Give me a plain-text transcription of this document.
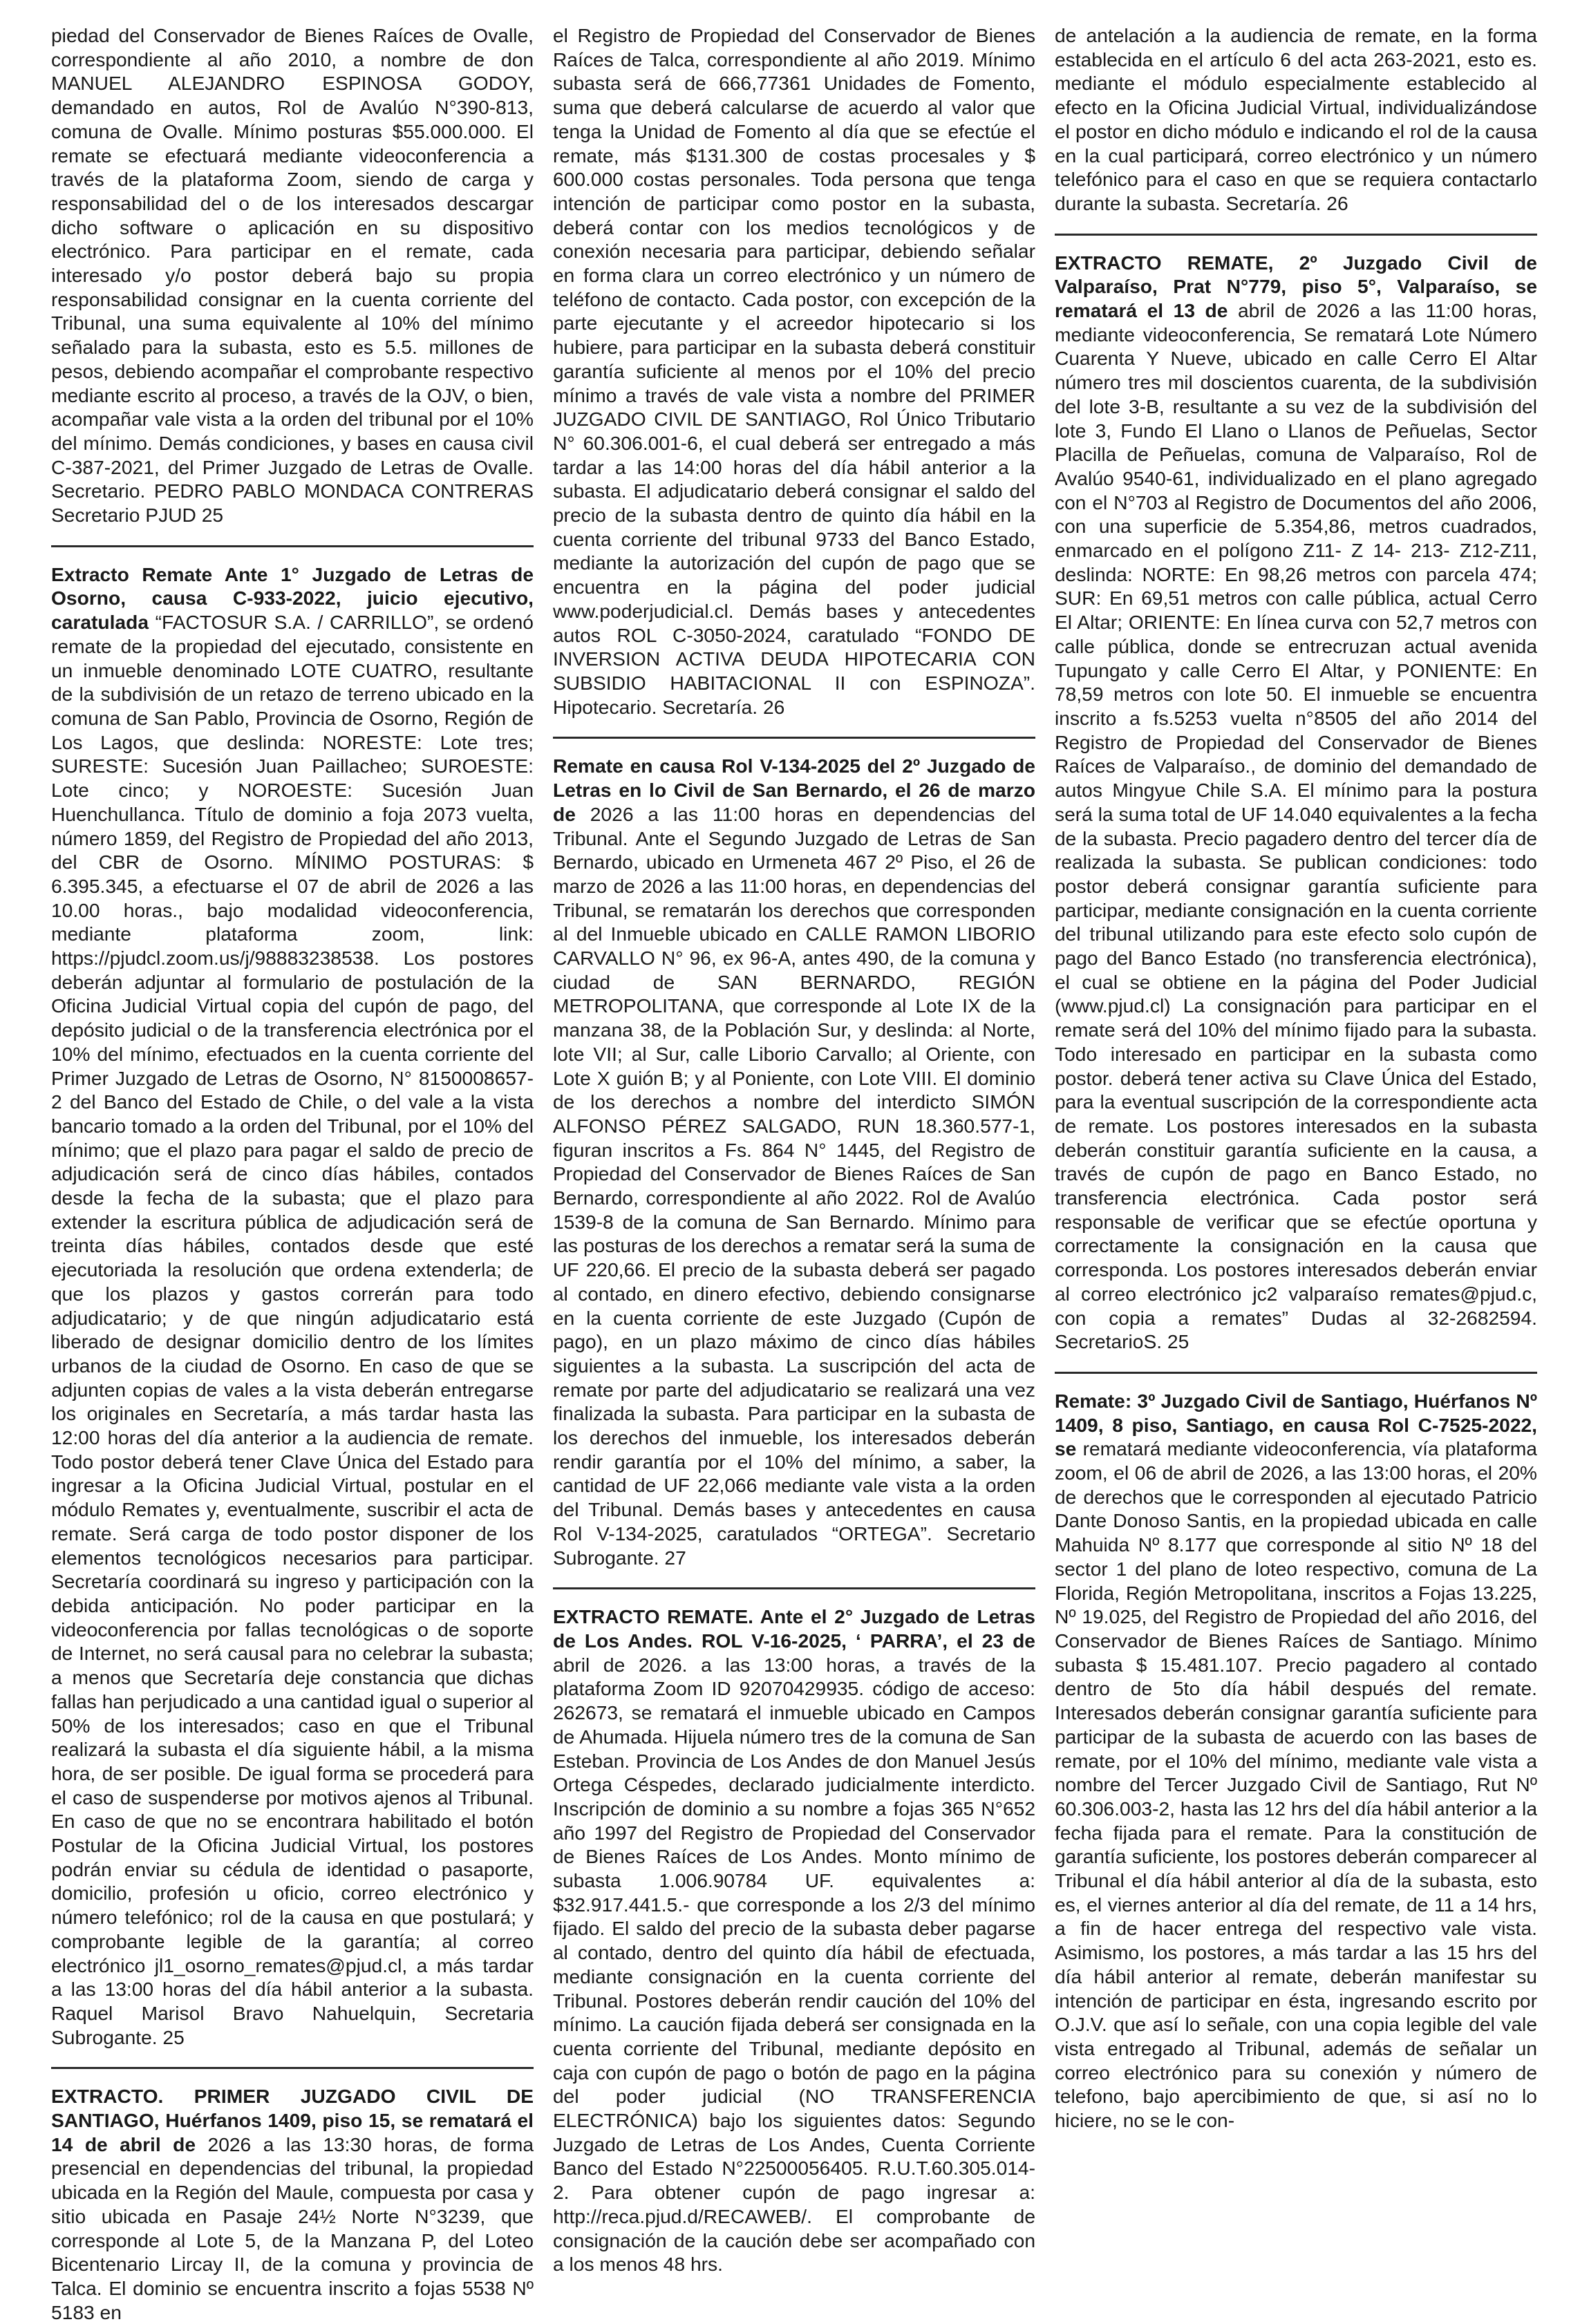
piedad del Conservador de Bienes Raíces de Ovalle, correspondiente al año 2010, a nombre de don MANUEL ALEJANDRO ESPINOSA GODOY, demandado en autos, Rol de Avalúo N°390-813, comuna de Ovalle. Mínimo posturas $55.000.000. El remate se efectuará mediante videoconferencia a través de la plataforma Zoom, siendo de carga y responsabilidad del o de los interesados descargar dicho software o aplicación en su dispositivo electrónico. Para participar en el remate, cada interesado y/o postor deberá bajo su propia responsabilidad consignar en la cuenta corriente del Tribunal, una suma equivalente al 10% del mínimo señalado para la subasta, esto es 5.5. millones de pesos, debiendo acompañar el comprobante respectivo mediante escrito al proceso, a través de la OJV, o bien, acompañar vale vista a la orden del tribunal por el 10% del mínimo. Demás condiciones, y bases en causa civil C-387-2021, del Primer Juzgado de Letras de Ovalle. Secretario. PEDRO PABLO MONDACA CONTRERAS Secretario PJUD 25

Extracto Remate Ante 1° Juzgado de Letras de Osorno, causa C-933-2022, juicio ejecutivo, caratulada “FACTOSUR S.A. / CARRILLO”, se ordenó remate de la propiedad del ejecutado, consistente en un inmueble denominado LOTE CUATRO, resultante de la subdivisión de un retazo de terreno ubicado en la comuna de San Pablo, Provincia de Osorno, Región de Los Lagos, que deslinda: NORESTE: Lote tres; SURESTE: Sucesión Juan Paillacheo; SUROESTE: Lote cinco; y NOROESTE: Sucesión Juan Huenchullanca. Título de dominio a foja 2073 vuelta, número 1859, del Registro de Propiedad del año 2013, del CBR de Osorno. MÍNIMO POSTURAS: $ 6.395.345, a efectuarse el 07 de abril de 2026 a las 10.00 horas., bajo modalidad videoconferencia, mediante plataforma zoom, link: https://pjudcl.zoom.us/j/98883238538. Los postores deberán adjuntar al formulario de postulación de la Oficina Judicial Virtual copia del cupón de pago, del depósito judicial o de la transferencia electrónica por el 10% del mínimo, efectuados en la cuenta corriente del Primer Juzgado de Letras de Osorno, N° 8150008657-2 del Banco del Estado de Chile, o del vale a la vista bancario tomado a la orden del Tribunal, por el 10% del mínimo; que el plazo para pagar el saldo de precio de adjudicación será de cinco días hábiles, contados desde la fecha de la subasta; que el plazo para extender la escritura pública de adjudicación será de treinta días hábiles, contados desde que esté ejecutoriada la resolución que ordena extenderla; de que los plazos y gastos correrán para todo adjudicatario; y de que ningún adjudicatario está liberado de designar domicilio dentro de los límites urbanos de la ciudad de Osorno. En caso de que se adjunten copias de vales a la vista deberán entregarse los originales en Secretaría, a más tardar hasta las 12:00 horas del día anterior a la audiencia de remate. Todo postor deberá tener Clave Única del Estado para ingresar a la Oficina Judicial Virtual, postular en el módulo Remates y, eventualmente, suscribir el acta de remate. Será carga de todo postor disponer de los elementos tecnológicos necesarios para participar. Secretaría coordinará su ingreso y participación con la debida anticipación. No poder participar en la videoconferencia por fallas tecnológicas o de soporte de Internet, no será causal para no celebrar la subasta; a menos que Secretaría deje constancia que dichas fallas han perjudicado a una cantidad igual o superior al 50% de los interesados; caso en que el Tribunal realizará la subasta el día siguiente hábil, a la misma hora, de ser posible. De igual forma se procederá para el caso de suspenderse por motivos ajenos al Tribunal. En caso de que no se encontrara habilitado el botón Postular de la Oficina Judicial Virtual, los postores podrán enviar su cédula de identidad o pasaporte, domicilio, profesión u oficio, correo electrónico y número telefónico; rol de la causa en que postulará; y comprobante legible de la garantía; al correo electrónico jl1_osorno_remates@pjud.cl, a más tardar a las 13:00 horas del día hábil anterior a la subasta. Raquel Marisol Bravo Nahuelquin, Secretaria Subrogante. 25

EXTRACTO. PRIMER JUZGADO CIVIL DE SANTIAGO, Huérfanos 1409, piso 15, se rematará el 14 de abril de 2026 a las 13:30 horas, de forma presencial en dependencias del tribunal, la propiedad ubicada en la Región del Maule, compuesta por casa y sitio ubicada en Pasaje 24½ Norte N°3239, que corresponde al Lote 5, de la Manzana P, del Loteo Bicentenario Lircay II, de la comuna y provincia de Talca. El dominio se encuentra inscrito a fojas 5538 Nº 5183 en

el Registro de Propiedad del Conservador de Bienes Raíces de Talca, correspondiente al año 2019. Mínimo subasta será de 666,77361 Unidades de Fomento, suma que deberá calcularse de acuerdo al valor que tenga la Unidad de Fomento al día que se efectúe el remate, más $131.300 de costas procesales y $ 600.000 costas personales. Toda persona que tenga intención de participar como postor en la subasta, deberá contar con los medios tecnológicos y de conexión necesaria para participar, debiendo señalar en forma clara un correo electrónico y un número de teléfono de contacto. Cada postor, con excepción de la parte ejecutante y el acreedor hipotecario si los hubiere, para participar en la subasta deberá constituir garantía suficiente al menos por el 10% del precio mínimo a través de vale vista a nombre del PRIMER JUZGADO CIVIL DE SANTIAGO, Rol Único Tributario N° 60.306.001-6, el cual deberá ser entregado a más tardar a las 14:00 horas del día hábil anterior a la subasta. El adjudicatario deberá consignar el saldo del precio de la subasta dentro de quinto día hábil en la cuenta corriente del tribunal 9733 del Banco Estado, mediante la autorización del cupón de pago que se encuentra en la página del poder judicial www.poderjudicial.cl. Demás bases y antecedentes autos ROL C-3050-2024, caratulado “FONDO DE INVERSION ACTIVA DEUDA HIPOTECARIA CON SUBSIDIO HABITACIONAL II con ESPINOZA”. Hipotecario. Secretaría. 26

Remate en causa Rol V-134-2025 del 2º Juzgado de Letras en lo Civil de San Bernardo, el 26 de marzo de 2026 a las 11:00 horas en dependencias del Tribunal. Ante el Segundo Juzgado de Letras de San Bernardo, ubicado en Urmeneta 467 2º Piso, el 26 de marzo de 2026 a las 11:00 horas, en dependencias del Tribunal, se rematarán los derechos que corresponden al del Inmueble ubicado en CALLE RAMON LIBORIO CARVALLO N° 96, ex 96-A, antes 490, de la comuna y ciudad de SAN BERNARDO, REGIÓN METROPOLITANA, que corresponde al Lote IX de la manzana 38, de la Población Sur, y deslinda: al Norte, lote VII; al Sur, calle Liborio Carvallo; al Oriente, con Lote X guión B; y al Poniente, con Lote VIII. El dominio de los derechos a nombre del interdicto SIMÓN ALFONSO PÉREZ SALGADO, RUN 18.360.577-1, figuran inscritos a Fs. 864 N° 1445, del Registro de Propiedad del Conservador de Bienes Raíces de San Bernardo, correspondiente al año 2022. Rol de Avalúo 1539-8 de la comuna de San Bernardo. Mínimo para las posturas de los derechos a rematar será la suma de UF 220,66. El precio de la subasta deberá ser pagado al contado, en dinero efectivo, debiendo consignarse en la cuenta corriente de este Juzgado (Cupón de pago), en un plazo máximo de cinco días hábiles siguientes a la subasta. La suscripción del acta de remate por parte del adjudicatario se realizará una vez finalizada la subasta. Para participar en la subasta de los derechos del inmueble, los interesados deberán rendir garantía por el 10% del mínimo, a saber, la cantidad de UF 22,066 mediante vale vista a la orden del Tribunal. Demás bases y antecedentes en causa Rol V-134-2025, caratulados “ORTEGA”. Secretario Subrogante. 27

EXTRACTO REMATE. Ante el 2° Juzgado de Letras de Los Andes. ROL V-16-2025, ‘ PARRA’, el 23 de abril de 2026. a las 13:00 horas, a través de la plataforma Zoom ID 92070429935. código de acceso: 262673, se rematará el inmueble ubicado en Campos de Ahumada. Hijuela número tres de la comuna de San Esteban. Provincia de Los Andes de don Manuel Jesús Ortega Céspedes, declarado judicialmente interdicto. Inscripción de dominio a su nombre a fojas 365 N°652 año 1997 del Registro de Propiedad del Conservador de Bienes Raíces de Los Andes. Monto mínimo de subasta 1.006.90784 UF. equivalentes a: $32.917.441.5.- que corresponde a los 2/3 del mínimo fijado. El saldo del precio de la subasta deber pagarse al contado, dentro del quinto día hábil de efectuada, mediante consignación en la cuenta corriente del Tribunal. Postores deberán rendir caución del 10% del mínimo. La caución fijada deberá ser consignada en la cuenta corriente del Tribunal, mediante depósito en caja con cupón de pago o botón de pago en la página del poder judicial (NO TRANSFERENCIA ELECTRÓNICA) bajo los siguientes datos: Segundo Juzgado de Letras de Los Andes, Cuenta Corriente Banco del Estado N°22500056405. R.U.T.60.305.014-2. Para obtener cupón de pago ingresar a: http://reca.pjud.d/RECAWEB/. El comprobante de consignación de la caución debe ser acompañado con a los menos 48 hrs.

de antelación a la audiencia de remate, en la forma establecida en el artículo 6 del acta 263-2021, esto es. mediante el módulo especialmente establecido al efecto en la Oficina Judicial Virtual, individualizándose el postor en dicho módulo e indicando el rol de la causa en la cual participará, correo electrónico y un número telefónico para el caso en que se requiera contactarlo durante la subasta. Secretaría. 26

EXTRACTO REMATE, 2º Juzgado Civil de Valparaíso, Prat N°779, piso 5°, Valparaíso, se rematará el 13 de abril de 2026 a las 11:00 horas, mediante videoconferencia, Se rematará Lote Número Cuarenta Y Nueve, ubicado en calle Cerro El Altar número tres mil doscientos cuarenta, de la subdivisión del lote 3-B, resultante a su vez de la subdivisión del lote 3, Fundo El Llano o Llanos de Peñuelas, Sector Placilla de Peñuelas, comuna de Valparaíso, Rol de Avalúo 9540-61, individualizado en el plano agregado con el N°703 al Registro de Documentos del año 2006, con una superficie de 5.354,86, metros cuadrados, enmarcado en el polígono Z11- Z 14- 213- Z12-Z11, deslinda: NORTE: En 98,26 metros con parcela 474; SUR: En 69,51 metros con calle pública, actual Cerro El Altar; ORIENTE: En línea curva con 52,7 metros con calle pública, donde se entrecruzan actual avenida Tupungato y calle Cerro El Altar, y PONIENTE: En 78,59 metros con lote 50. El inmueble se encuentra inscrito a fs.5253 vuelta n°8505 del año 2014 del Registro de Propiedad del Conservador de Bienes Raíces de Valparaíso., de dominio del demandado de autos Mingyue Chile S.A. El mínimo para la postura será la suma total de UF 14.040 equivalentes a la fecha de la subasta. Precio pagadero dentro del tercer día de realizada la subasta. Se publican condiciones: todo postor deberá consignar garantía suficiente para participar, mediante consignación en la cuenta corriente del tribunal utilizando para este efecto solo cupón de pago del Banco Estado (no transferencia electrónica), el cual se obtiene en la página del Poder Judicial (www.pjud.cl) La consignación para participar en el remate será del 10% del mínimo fijado para la subasta. Todo interesado en participar en la subasta como postor. deberá tener activa su Clave Única del Estado, para la eventual suscripción de la correspondiente acta de remate. Los postores interesados en la subasta deberán constituir garantía suficiente en la causa, a través de cupón de pago en Banco Estado, no transferencia electrónica. Cada postor será responsable de verificar que se efectúe oportuna y correctamente la consignación en la causa que corresponda. Los postores interesados deberán enviar al correo electrónico jc2 valparaíso remates@pjud.c, con copia a remates” Dudas al 32-2682594. SecretarioS. 25

Remate: 3º Juzgado Civil de Santiago, Huérfanos Nº 1409, 8 piso, Santiago, en causa Rol C-7525-2022, se rematará mediante videoconferencia, vía plataforma zoom, el 06 de abril de 2026, a las 13:00 horas, el 20% de derechos que le corresponden al ejecutado Patricio Dante Donoso Santis, en la propiedad ubicada en calle Mahuida Nº 8.177 que corresponde al sitio Nº 18 del sector 1 del plano de loteo respectivo, comuna de La Florida, Región Metropolitana, inscritos a Fojas 13.225, Nº 19.025, del Registro de Propiedad del año 2016, del Conservador de Bienes Raíces de Santiago. Mínimo subasta $ 15.481.107. Precio pagadero al contado dentro de 5to día hábil después del remate. Interesados deberán consignar garantía suficiente para participar de la subasta de acuerdo con las bases de remate, por el 10% del mínimo, mediante vale vista a nombre del Tercer Juzgado Civil de Santiago, Rut Nº 60.306.003-2, hasta las 12 hrs del día hábil anterior a la fecha fijada para el remate. Para la constitución de garantía suficiente, los postores deberán comparecer al Tribunal el día hábil anterior al día de la subasta, esto es, el viernes anterior al día del remate, de 11 a 14 hrs, a fin de hacer entrega del respectivo vale vista. Asimismo, los postores, a más tardar a las 15 hrs del día hábil anterior al remate, deberán manifestar su intención de participar en ésta, ingresando escrito por O.J.V. que así lo señale, con una copia legible del vale vista entregado al Tribunal, además de señalar un correo electrónico para su conexión y número de telefono, bajo apercibimiento de que, si así no lo hiciere, no se le con-
